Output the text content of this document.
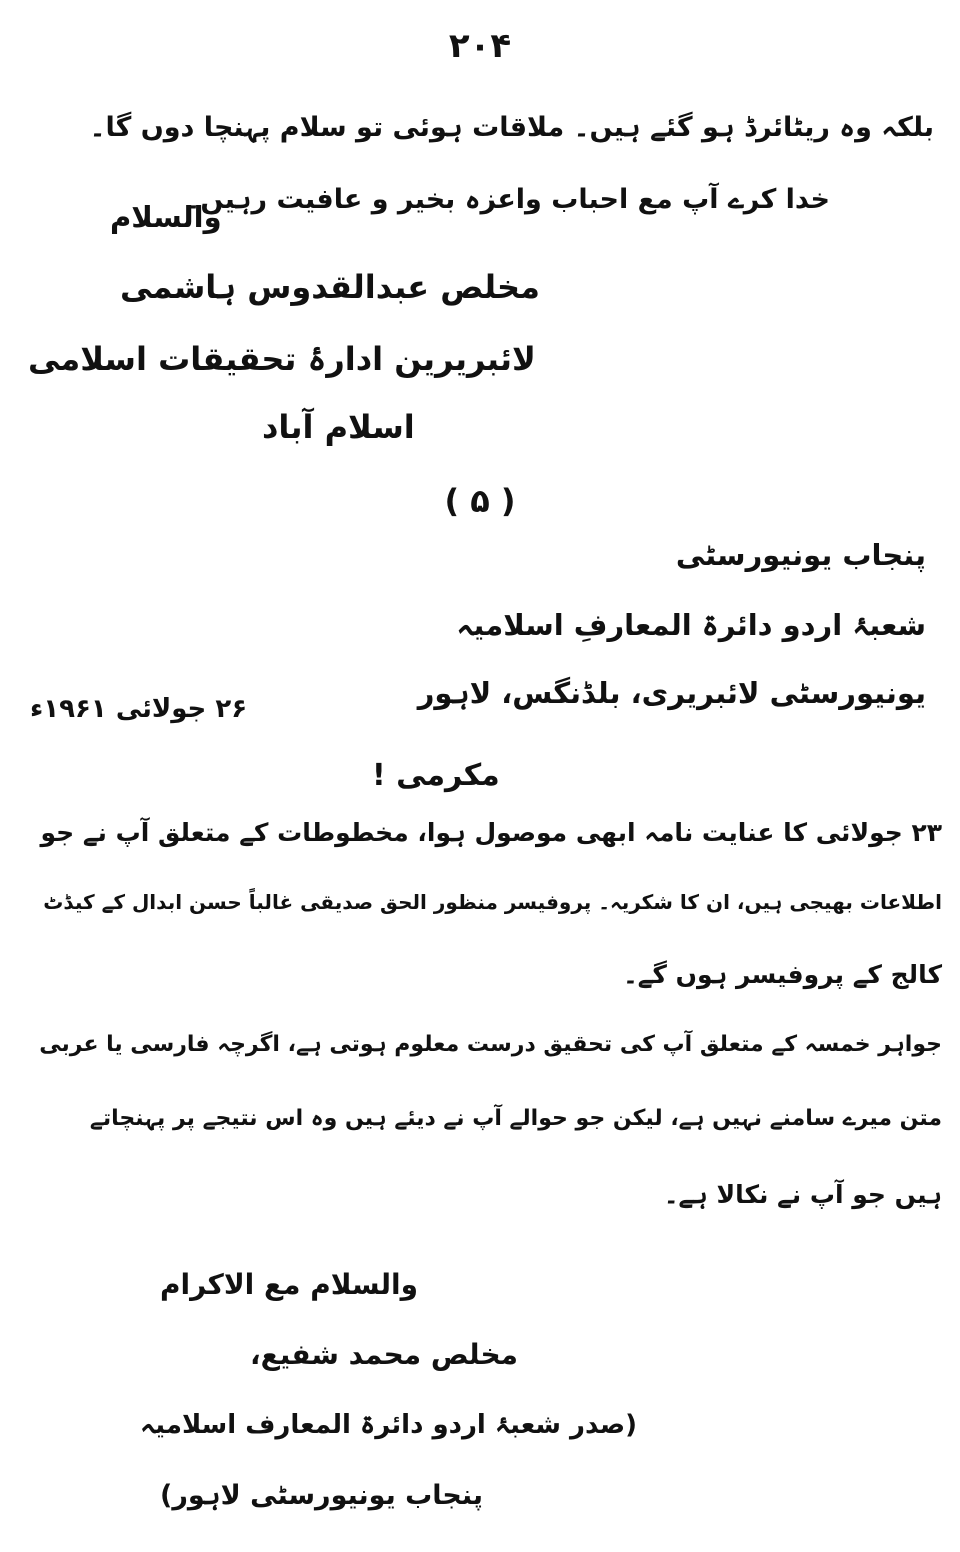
۲۰۴
بلکہ وہ ریٹائرڈ ہو گئے ہیں۔ ملاقات ہوئی تو سلام پہنچا دوں گا۔
خدا کرے آپ مع احباب واعزہ بخیر و عافیت رہیں۔
والسلام
مخلص عبدالقدوس ہاشمی
لائبریرین ادارۂ تحقیقات اسلامی
اسلام آباد
( ۵ )
پنجاب یونیورسٹی
شعبۂ اردو دائرۃ المعارفِ اسلامیہ
یونیورسٹی لائبریری، بلڈنگس، لاہور
۲۶ جولائی ۱۹۶۱ء
مکرمی !
۲۳ جولائی کا عنایت نامہ ابھی موصول ہوا، مخطوطات کے متعلق آپ نے جو
اطلاعات بھیجی ہیں، ان کا شکریہ۔ پروفیسر منظور الحق صدیقی غالباً حسن ابدال کے کیڈٹ
کالج کے پروفیسر ہوں گے۔
جواہر خمسہ کے متعلق آپ کی تحقیق درست معلوم ہوتی ہے، اگرچہ فارسی یا عربی
متن میرے سامنے نہیں ہے، لیکن جو حوالے آپ نے دیئے ہیں وہ اس نتیجے پر پہنچاتے
ہیں جو آپ نے نکالا ہے۔
والسلام مع الاکرام
مخلص محمد شفیع،
(صدر شعبۂ اردو دائرۃ المعارف اسلامیہ
پنجاب یونیورسٹی لاہور)
